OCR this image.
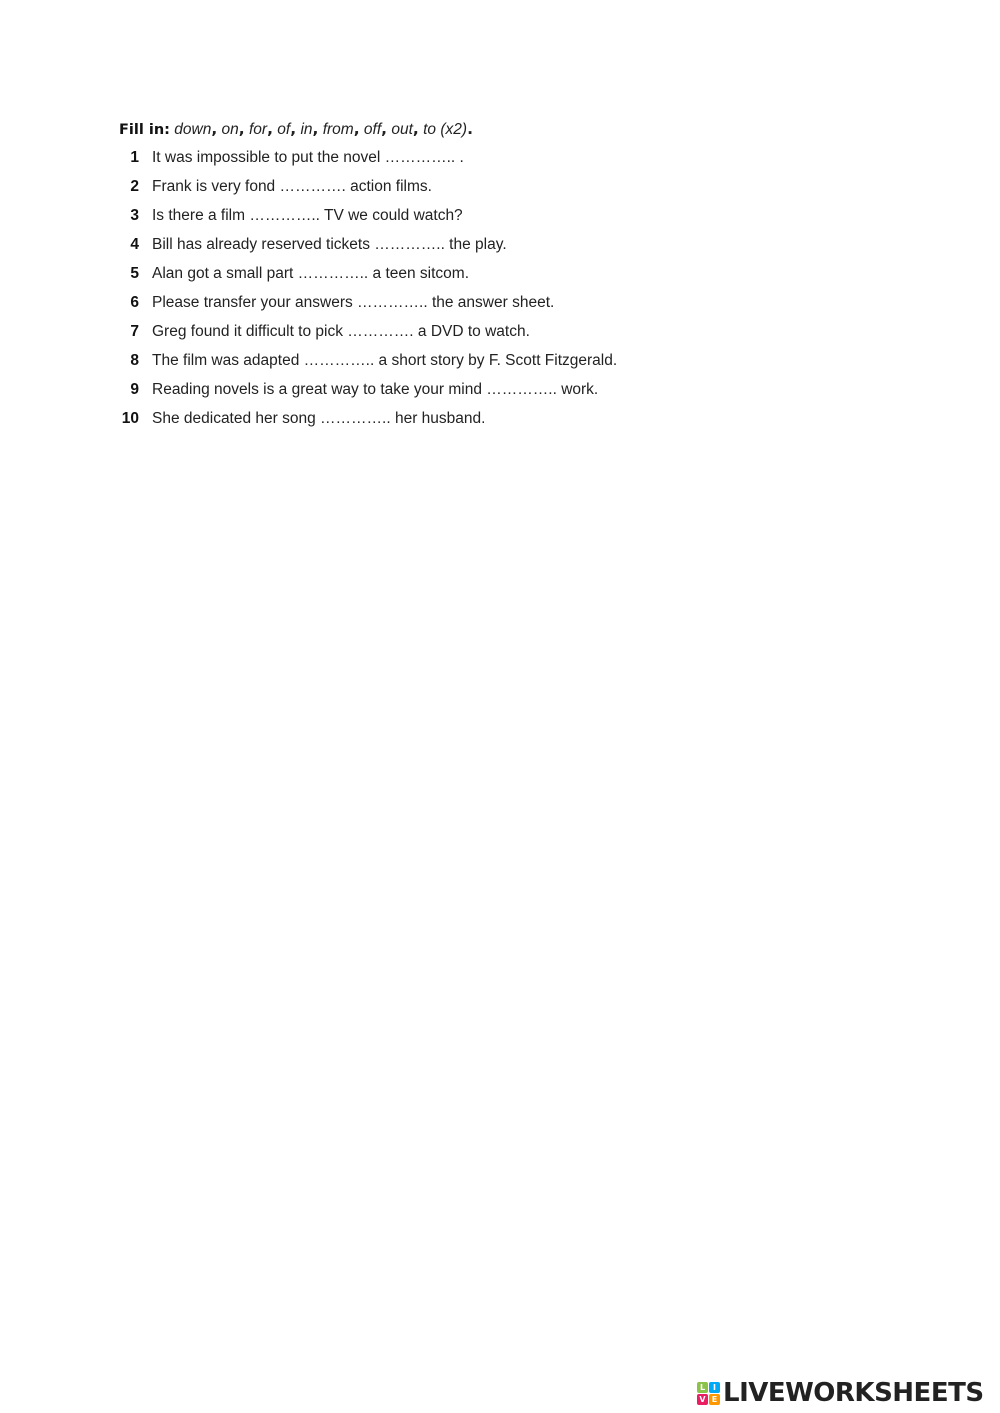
Fill in: down, on, for, of, in, from, off, out, to (x2).
1 It was impossible to put the novel ………….. .
2 Frank is very fond …………. action films.
3 Is there a film ………….. TV we could watch?
4 Bill has already reserved tickets ………….. the play.
5 Alan got a small part ………….. a teen sitcom.
6 Please transfer your answers ………….. the answer sheet.
7 Greg found it difficult to pick …………. a DVD to watch.
8 The film was adapted ………….. a short story by F. Scott Fitzgerald.
9 Reading novels is a great way to take your mind ………….. work.
10 She dedicated her song ………….. her husband.
L I
V E LIVEWORKSHEETS
